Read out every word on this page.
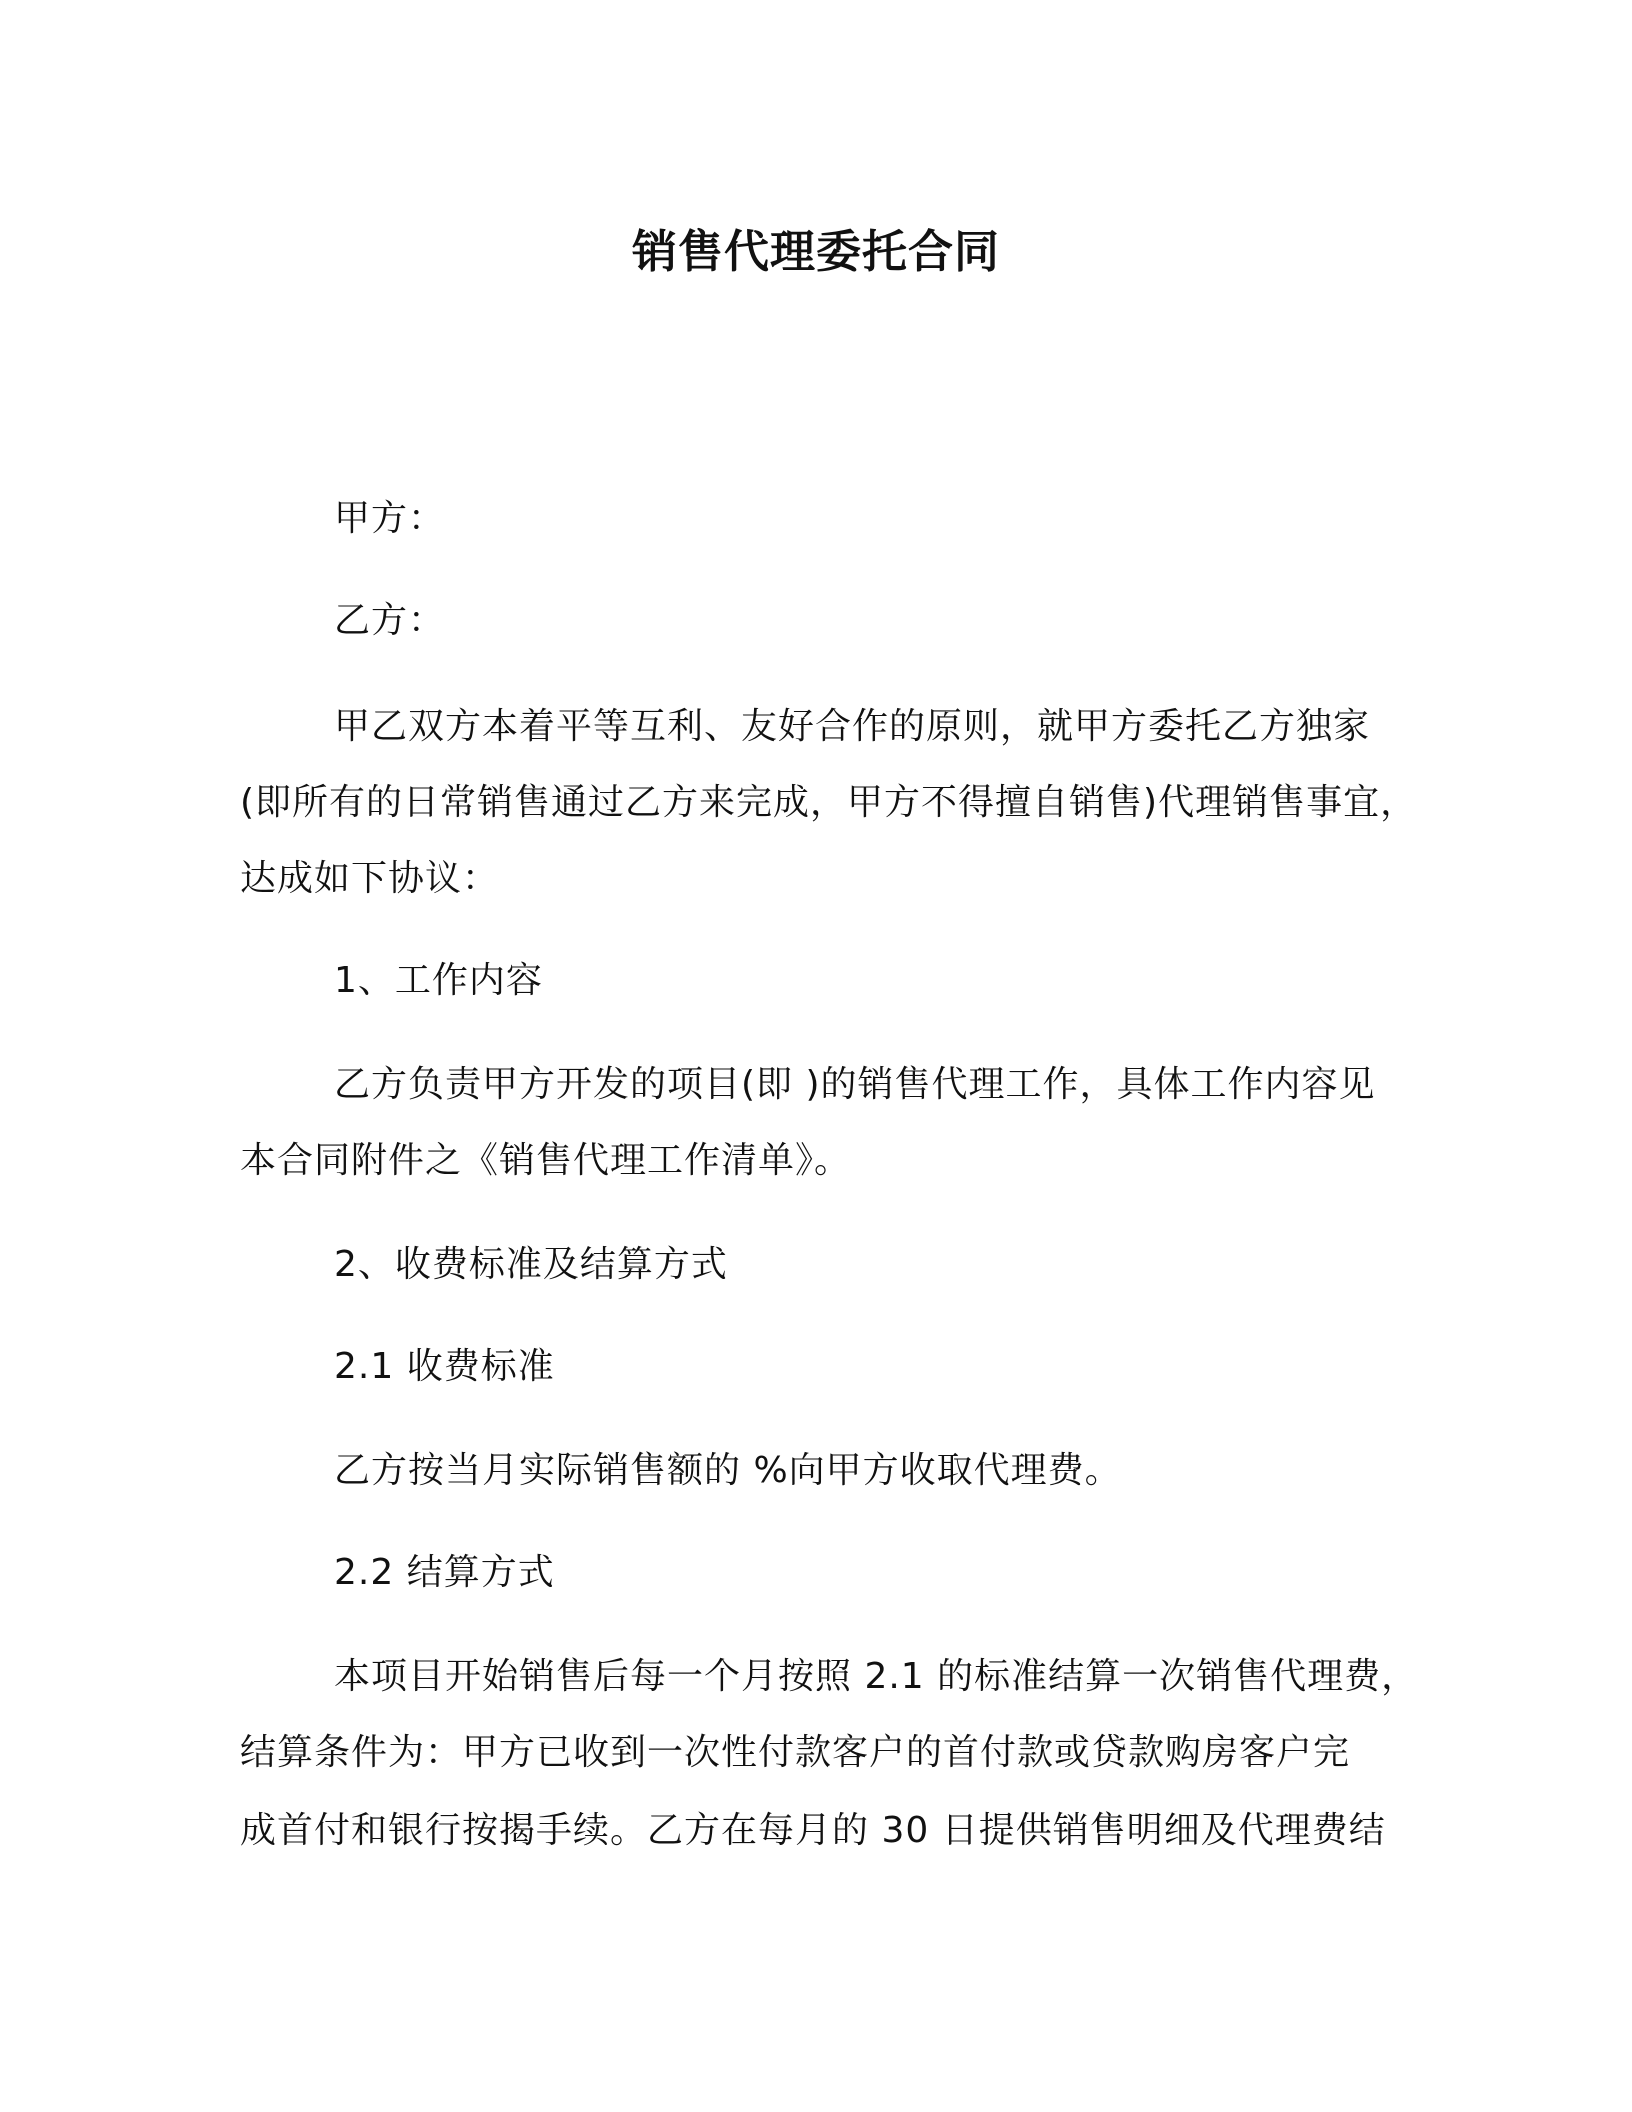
销售代理委托合同
甲方：
乙方：
甲乙双方本着平等互利、友好合作的原则，就甲方委托乙方独家
(即所有的日常销售通过乙方来完成，甲方不得擅自销售)代理销售事宜，
达成如下协议：
1、工作内容
乙方负责甲方开发的项目(即 )的销售代理工作，具体工作内容见
本合同附件之《销售代理工作清单》。
2、收费标准及结算方式
2.1 收费标准
乙方按当月实际销售额的 %向甲方收取代理费。
2.2 结算方式
本项目开始销售后每一个月按照 2.1 的标准结算一次销售代理费，
结算条件为：甲方已收到一次性付款客户的首付款或贷款购房客户完
成首付和银行按揭手续。乙方在每月的 30 日提供销售明细及代理费结
